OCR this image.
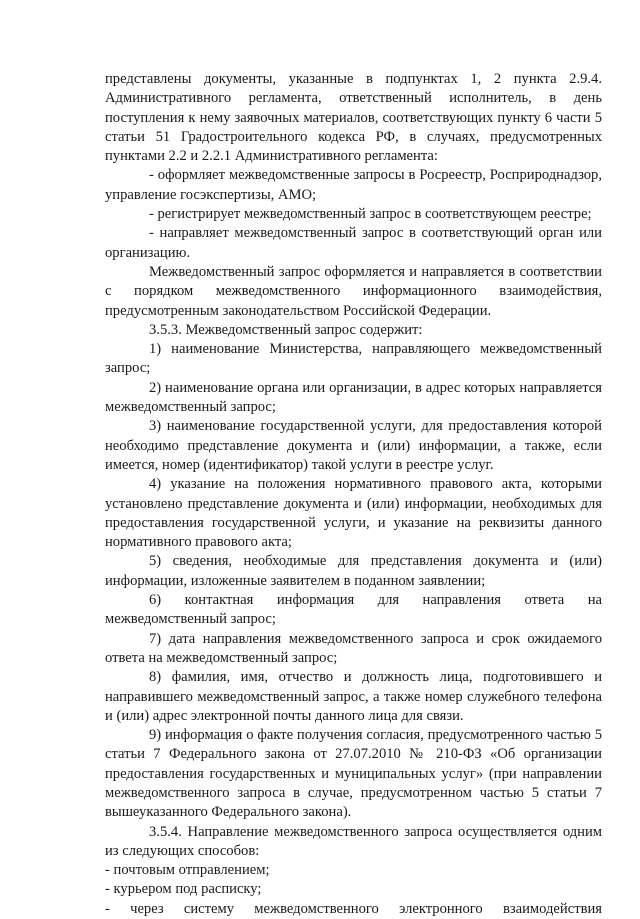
представлены документы, указанные в подпунктах 1, 2 пункта 2.9.4. Административного регламента, ответственный исполнитель, в день поступления к нему заявочных материалов, соответствующих пункту 6 части 5 статьи 51 Градостроительного кодекса РФ, в случаях, предусмотренных пунктами 2.2 и 2.2.1 Административного регламента:

- оформляет межведомственные запросы в Росреестр, Росприроднадзор, управление госэкспертизы, АМО;

- регистрирует межведомственный запрос в соответствующем реестре;

- направляет межведомственный запрос в соответствующий орган или организацию.

Межведомственный запрос оформляется и направляется в соответствии с порядком межведомственного информационного взаимодействия, предусмотренным законодательством Российской Федерации.

3.5.3. Межведомственный запрос содержит:

1) наименование Министерства, направляющего межведомственный запрос;

2) наименование органа или организации, в адрес которых направляется межведомственный запрос;

3) наименование государственной услуги, для предоставления которой необходимо представление документа и (или) информации, а также, если имеется, номер (идентификатор) такой услуги в реестре услуг.

4) указание на положения нормативного правового акта, которыми установлено представление документа и (или) информации, необходимых для предоставления государственной услуги, и указание на реквизиты данного нормативного правового акта;

5) сведения, необходимые для представления документа и (или) информации, изложенные заявителем в поданном заявлении;

6) контактная информация для направления ответа на межведомственный запрос;

7) дата направления межведомственного запроса и срок ожидаемого ответа на межведомственный запрос;

8) фамилия, имя, отчество и должность лица, подготовившего и направившего межведомственный запрос, а также номер служебного телефона и (или) адрес электронной почты данного лица для связи.

9) информация о факте получения согласия, предусмотренного частью 5 статьи 7 Федерального закона от 27.07.2010 № 210-ФЗ «Об организации предоставления государственных и муниципальных услуг» (при направлении межведомственного запроса в случае, предусмотренном частью 5 статьи 7 вышеуказанного Федерального закона).

3.5.4. Направление межведомственного запроса осуществляется одним из следующих способов:

- почтовым отправлением;

- курьером под расписку;

- через систему межведомственного электронного взаимодействия
